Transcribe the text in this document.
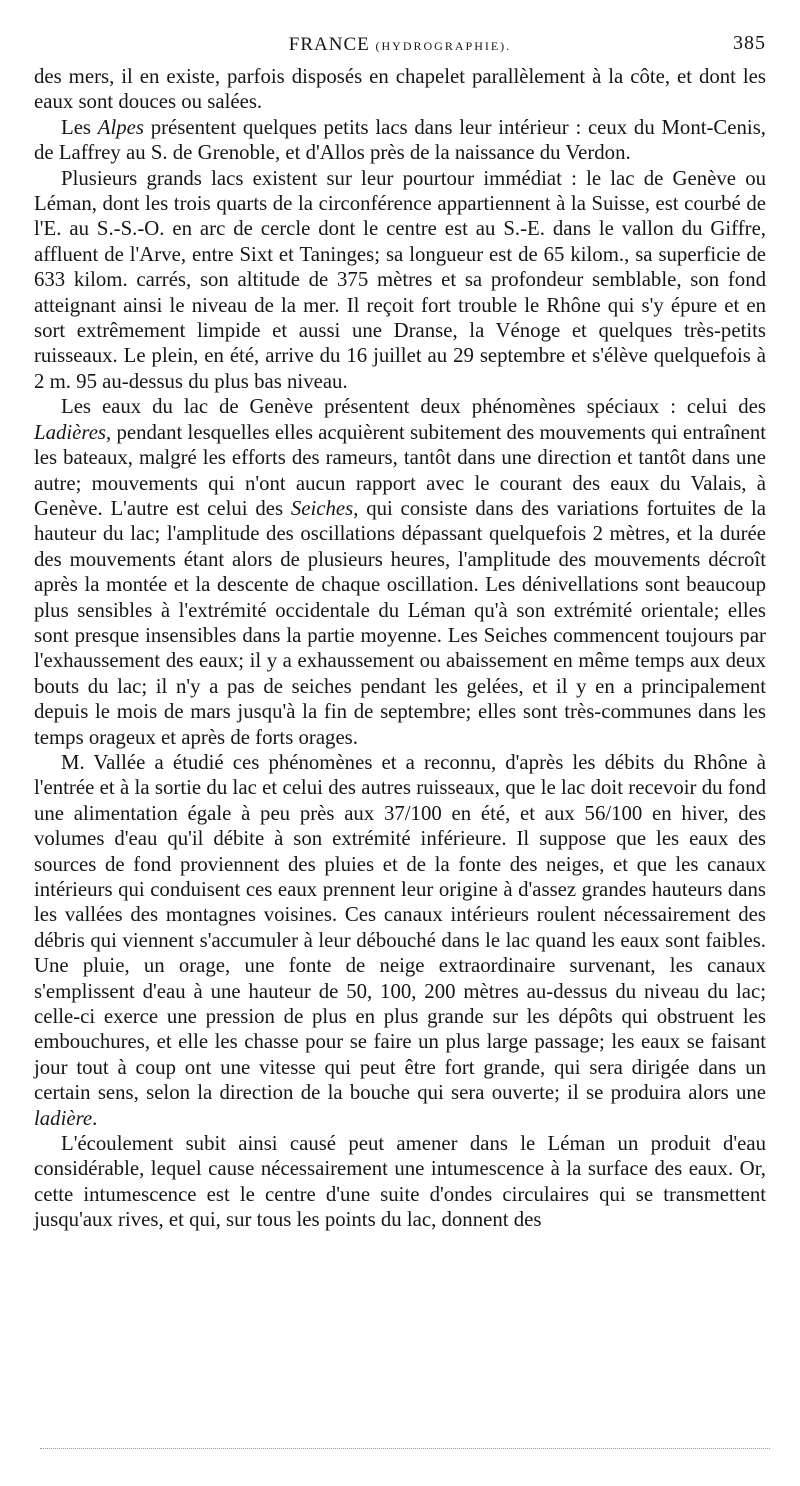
FRANCE (HYDROGRAPHIE).	385

des mers, il en existe, parfois disposés en chapelet parallèlement à la côte, et dont les eaux sont douces ou salées.

Les Alpes présentent quelques petits lacs dans leur intérieur : ceux du Mont-Cenis, de Laffrey au S. de Grenoble, et d'Allos près de la naissance du Verdon.

Plusieurs grands lacs existent sur leur pourtour immédiat : le lac de Genève ou Léman, dont les trois quarts de la circonférence appartiennent à la Suisse, est courbé de l'E. au S.-S.-O. en arc de cercle dont le centre est au S.-E. dans le vallon du Giffre, affluent de l'Arve, entre Sixt et Taninges; sa longueur est de 65 kilom., sa superficie de 633 kilom. carrés, son altitude de 375 mètres et sa profondeur semblable, son fond atteignant ainsi le niveau de la mer. Il reçoit fort trouble le Rhône qui s'y épure et en sort extrêmement limpide et aussi une Dranse, la Vénoge et quelques très-petits ruisseaux. Le plein, en été, arrive du 16 juillet au 29 septembre et s'élève quelquefois à 2 m. 95 au-dessus du plus bas niveau.

Les eaux du lac de Genève présentent deux phénomènes spéciaux : celui des Ladières, pendant lesquelles elles acquièrent subitement des mouvements qui entraînent les bateaux, malgré les efforts des rameurs, tantôt dans une direction et tantôt dans une autre; mouvements qui n'ont aucun rapport avec le courant des eaux du Valais, à Genève. L'autre est celui des Seiches, qui consiste dans des variations fortuites de la hauteur du lac; l'amplitude des oscillations dépassant quelquefois 2 mètres, et la durée des mouvements étant alors de plusieurs heures, l'amplitude des mouvements décroît après la montée et la descente de chaque oscillation. Les dénivellations sont beaucoup plus sensibles à l'extrémité occidentale du Léman qu'à son extrémité orientale; elles sont presque insensibles dans la partie moyenne. Les Seiches commencent toujours par l'exhaussement des eaux; il y a exhaussement ou abaissement en même temps aux deux bouts du lac; il n'y a pas de seiches pendant les gelées, et il y en a principalement depuis le mois de mars jusqu'à la fin de septembre; elles sont très-communes dans les temps orageux et après de forts orages.

M. Vallée a étudié ces phénomènes et a reconnu, d'après les débits du Rhône à l'entrée et à la sortie du lac et celui des autres ruisseaux, que le lac doit recevoir du fond une alimentation égale à peu près aux 37/100 en été, et aux 56/100 en hiver, des volumes d'eau qu'il débite à son extrémité inférieure. Il suppose que les eaux des sources de fond proviennent des pluies et de la fonte des neiges, et que les canaux intérieurs qui conduisent ces eaux prennent leur origine à d'assez grandes hauteurs dans les vallées des montagnes voisines. Ces canaux intérieurs roulent nécessairement des débris qui viennent s'accumuler à leur débouché dans le lac quand les eaux sont faibles. Une pluie, un orage, une fonte de neige extraordinaire survenant, les canaux s'emplissent d'eau à une hauteur de 50, 100, 200 mètres au-dessus du niveau du lac; celle-ci exerce une pression de plus en plus grande sur les dépôts qui obstruent les embouchures, et elle les chasse pour se faire un plus large passage; les eaux se faisant jour tout à coup ont une vitesse qui peut être fort grande, qui sera dirigée dans un certain sens, selon la direction de la bouche qui sera ouverte; il se produira alors une ladière.

L'écoulement subit ainsi causé peut amener dans le Léman un produit d'eau considérable, lequel cause nécessairement une intumescence à la surface des eaux. Or, cette intumescence est le centre d'une suite d'ondes circulaires qui se transmettent jusqu'aux rives, et qui, sur tous les points du lac, donnent des
